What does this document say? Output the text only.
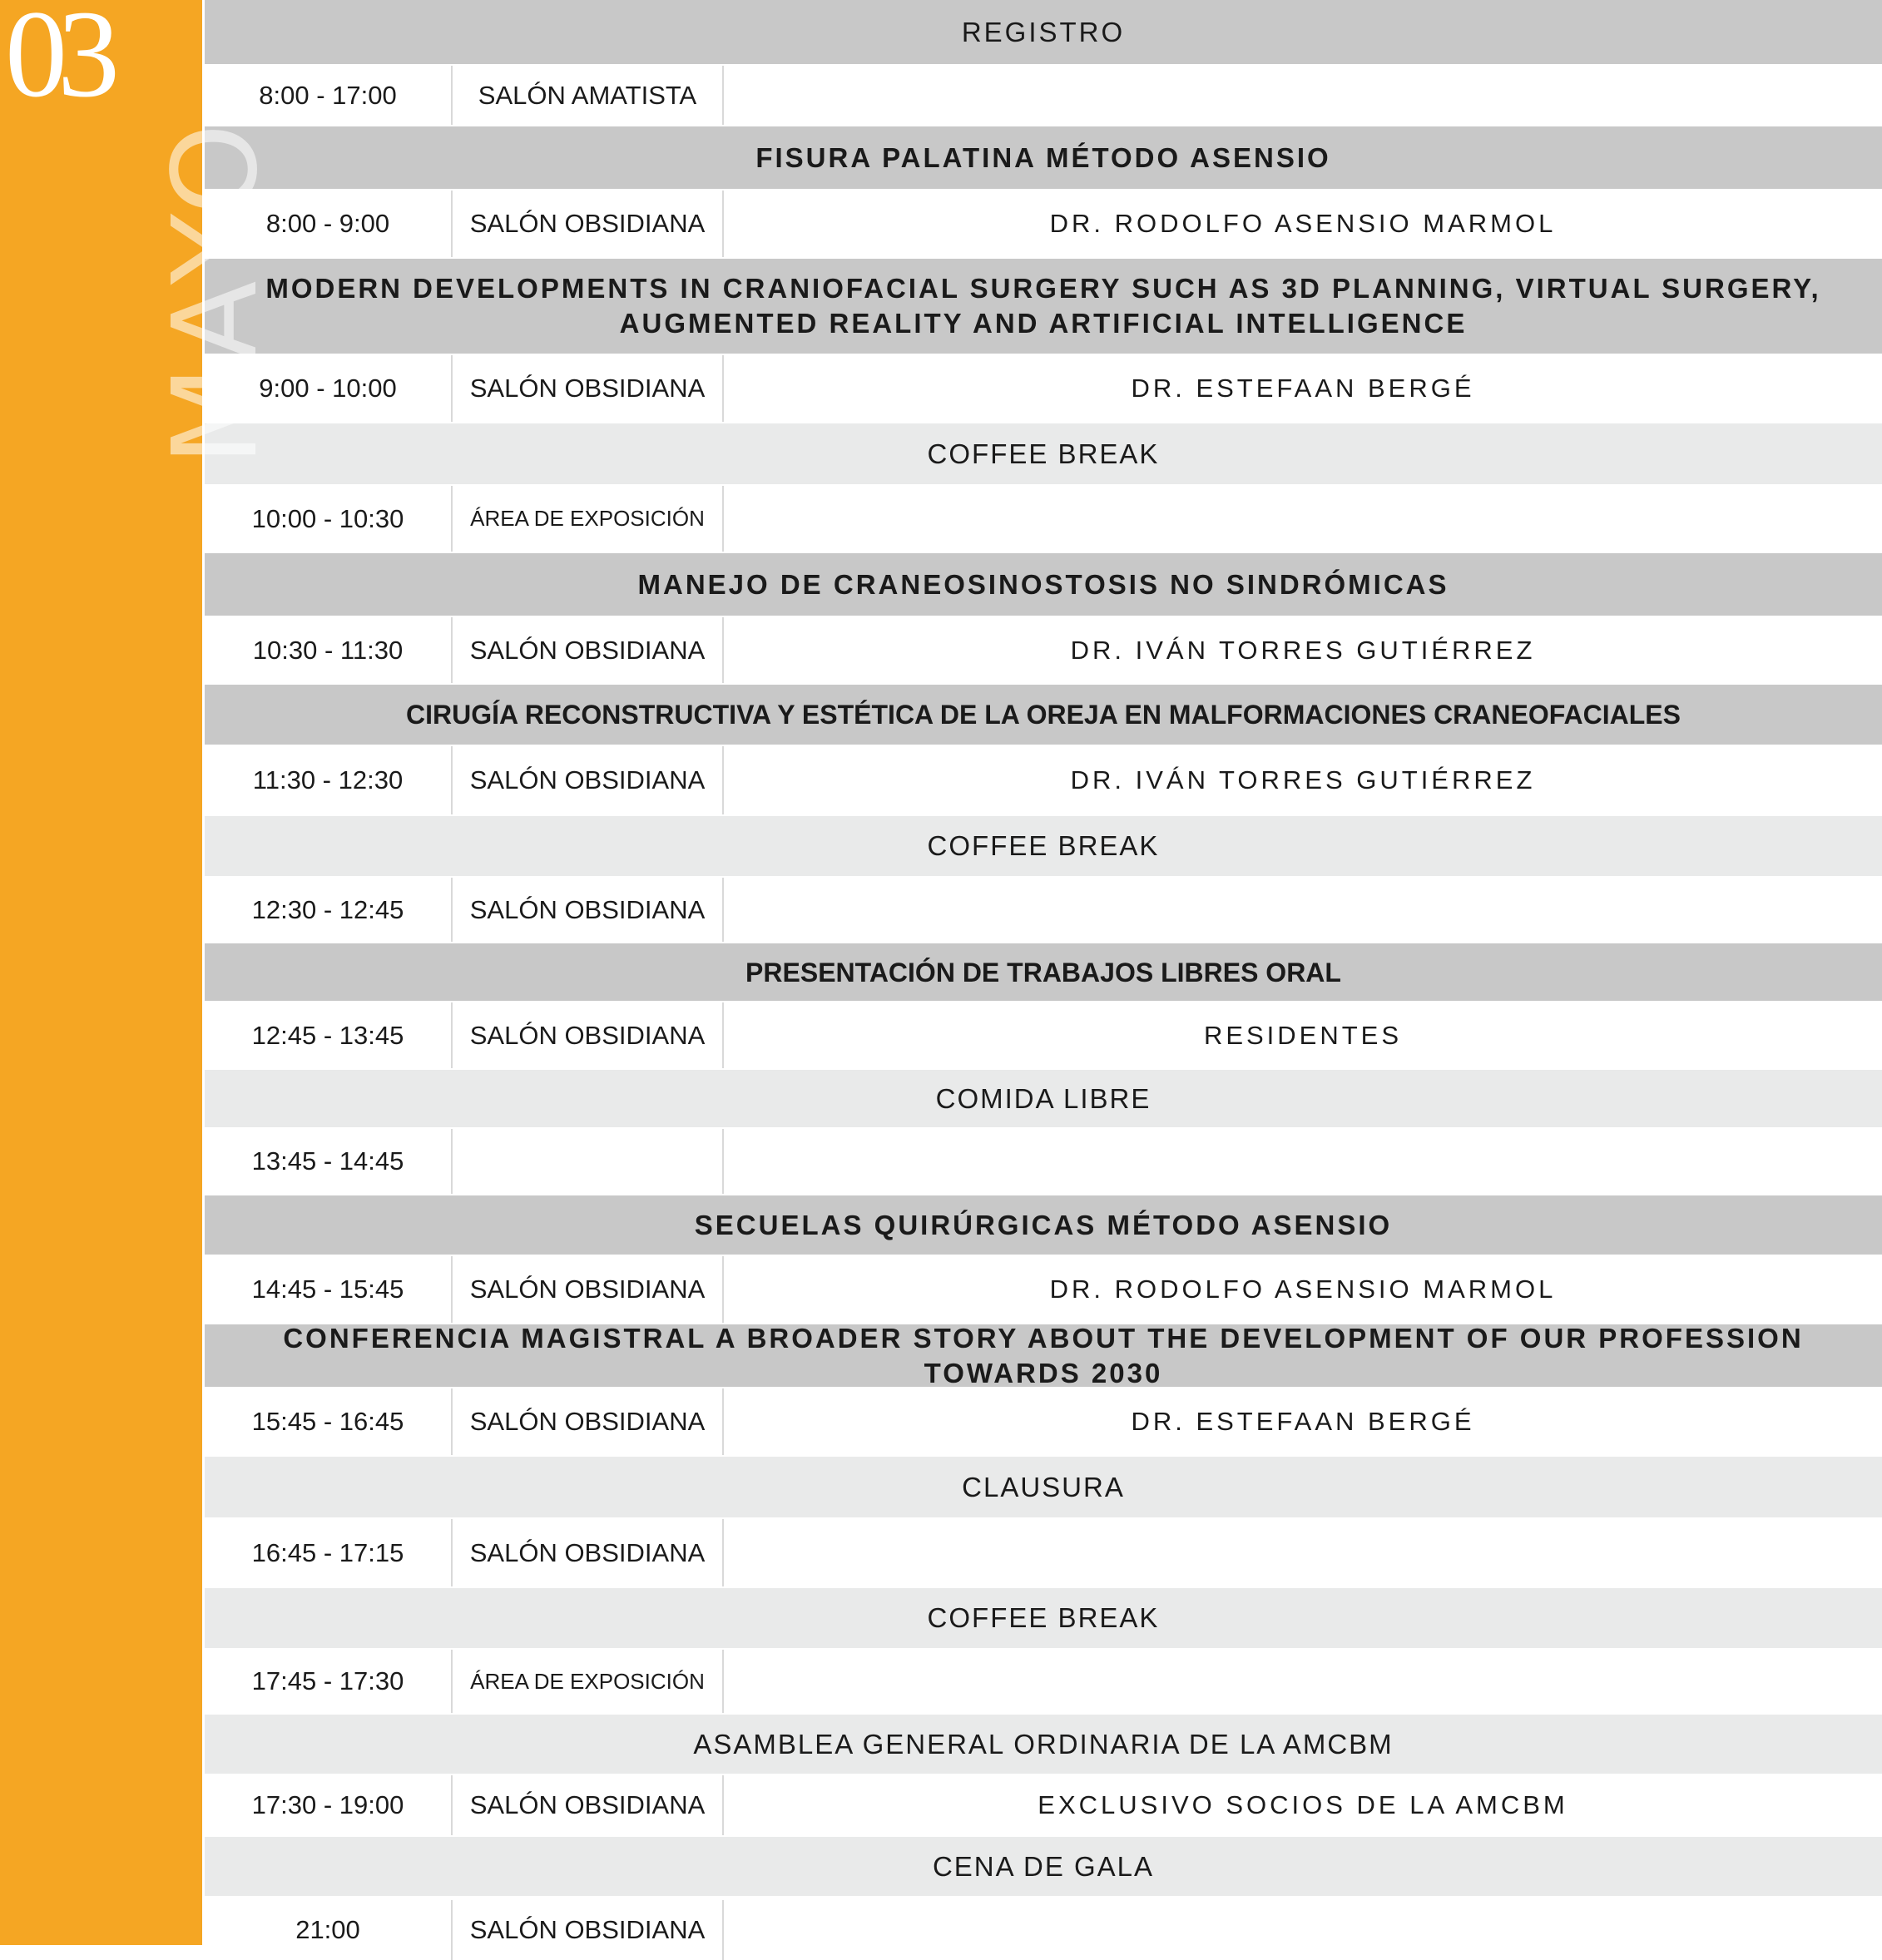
MAYO
03	REGISTRO
8:00 - 17:00	SALÓN AMATISTA
FISURA PALATINA MÉTODO ASENSIO
8:00 - 9:00	SALÓN OBSIDIANA	DR. RODOLFO ASENSIO MARMOL
MODERN DEVELOPMENTS IN CRANIOFACIAL SURGERY SUCH AS 3D PLANNING, VIRTUAL SURGERY, AUGMENTED REALITY AND ARTIFICIAL INTELLIGENCE
9:00 - 10:00	SALÓN OBSIDIANA	DR. ESTEFAAN BERGÉ
COFFEE BREAK
10:00 - 10:30	ÁREA DE EXPOSICIÓN
MANEJO DE CRANEOSINOSTOSIS NO SINDRÓMICAS
10:30 - 11:30	SALÓN OBSIDIANA	DR. IVÁN TORRES GUTIÉRREZ
CIRUGÍA RECONSTRUCTIVA Y ESTÉTICA DE LA OREJA EN MALFORMACIONES CRANEOFACIALES
11:30 - 12:30	SALÓN OBSIDIANA	DR. IVÁN TORRES GUTIÉRREZ
COFFEE BREAK
12:30 - 12:45	SALÓN OBSIDIANA
PRESENTACIÓN DE TRABAJOS LIBRES ORAL
12:45 - 13:45	SALÓN OBSIDIANA	RESIDENTES
COMIDA LIBRE
13:45 - 14:45
SECUELAS QUIRÚRGICAS MÉTODO ASENSIO
14:45 - 15:45	SALÓN OBSIDIANA	DR. RODOLFO ASENSIO MARMOL
CONFERENCIA MAGISTRAL A BROADER STORY ABOUT THE DEVELOPMENT OF OUR PROFESSION TOWARDS 2030
15:45 - 16:45	SALÓN OBSIDIANA	DR. ESTEFAAN BERGÉ
CLAUSURA
16:45 - 17:15	SALÓN OBSIDIANA
COFFEE BREAK
17:45 - 17:30	ÁREA DE EXPOSICIÓN
ASAMBLEA GENERAL ORDINARIA DE LA AMCBM
17:30 - 19:00	SALÓN OBSIDIANA	EXCLUSIVO SOCIOS DE LA AMCBM
CENA DE GALA
21:00	SALÓN OBSIDIANA
